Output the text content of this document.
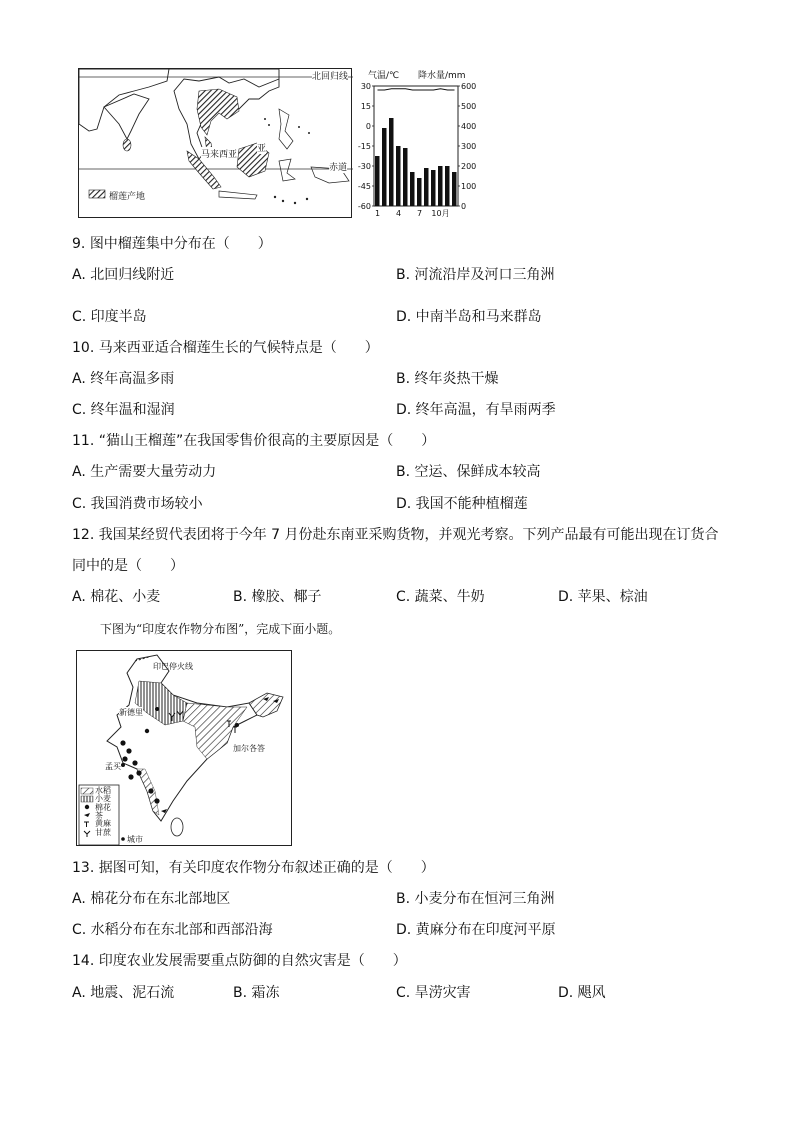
北回归线
赤道
马来西亚
亚
榴莲产地
气温/℃ 降水量/mm
30	600
15	500
0	400
-15	300
-30	200
-45	100
-60	0
1 4 7 10月
9. 图中榴莲集中分布在（　　）
A. 北回归线附近	B. 河流沿岸及河口三角洲
C. 印度半岛	D. 中南半岛和马来群岛
10. 马来西亚适合榴莲生长的气候特点是（　　）
A. 终年高温多雨	B. 终年炎热干燥
C. 终年温和湿润	D. 终年高温，有旱雨两季
11. “猫山王榴莲”在我国零售价很高的主要原因是（　　）
A. 生产需要大量劳动力	B. 空运、保鲜成本较高
C. 我国消费市场较小	D. 我国不能种植榴莲
12. 我国某经贸代表团将于今年 7 月份赴东南亚采购货物，并观光考察。下列产品最有可能出现在订货合
同中的是（　　）
A. 棉花、小麦	B. 橡胶、椰子	C. 蔬菜、牛奶	D. 苹果、棕油
下图为“印度农作物分布图”，完成下面小题。
印巴停火线
新德里
加尔各答
孟买
水稻
小麦
棉花
茶
黄麻
甘蔗
城市
13. 据图可知，有关印度农作物分布叙述正确的是（　　）
A. 棉花分布在东北部地区	B. 小麦分布在恒河三角洲
C. 水稻分布在东北部和西部沿海	D. 黄麻分布在印度河平原
14. 印度农业发展需要重点防御的自然灾害是（　　）
A. 地震、泥石流	B. 霜冻	C. 旱涝灾害	D. 飓风
